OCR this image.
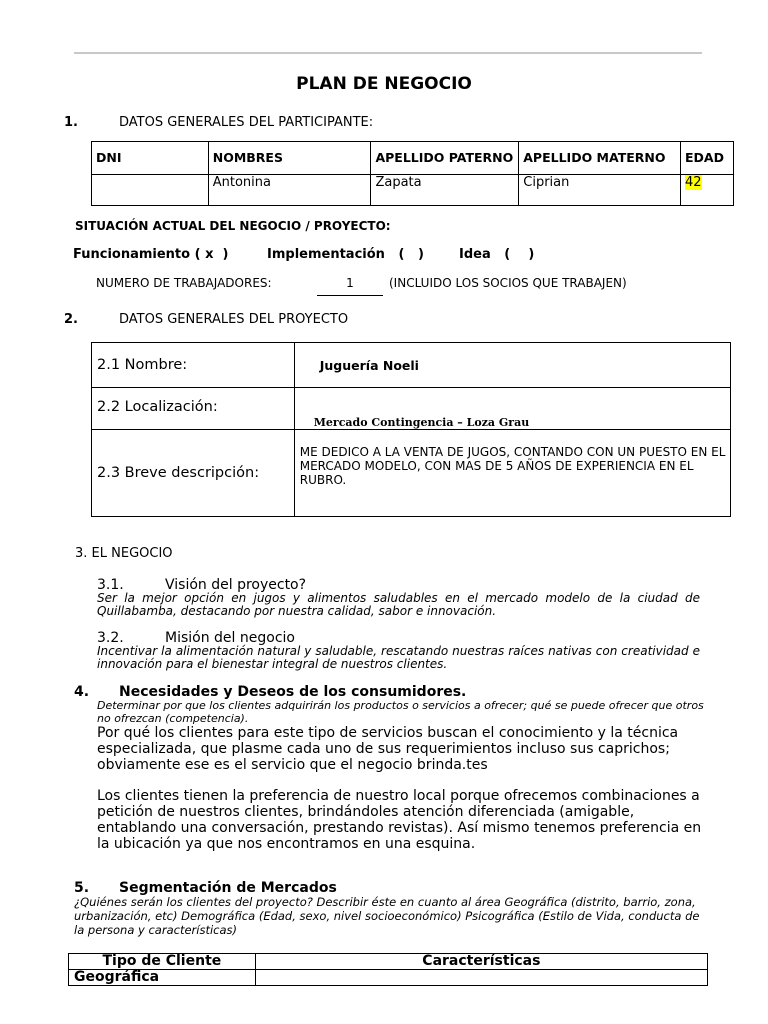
PLAN DE NEGOCIO
1.	DATOS GENERALES DEL PARTICIPANTE:
DNI	NOMBRES	APELLIDO PATERNO	APELLIDO MATERNO	EDAD
	Antonina	Zapata	Ciprian	42
SITUACIÓN ACTUAL DEL NEGOCIO / PROYECTO:
Funcionamiento ( x  )	Implementación   (   )	Idea   (    )
NUMERO DE TRABAJADORES:	1	(INCLUIDO LOS SOCIOS QUE TRABAJEN)
2.	DATOS GENERALES DEL PROYECTO
2.1 Nombre:	Juguería Noeli
2.2 Localización:	Mercado Contingencia – Loza Grau
2.3 Breve descripción:	ME DEDICO A LA VENTA DE JUGOS, CONTANDO CON UN PUESTO EN EL MERCADO MODELO, CON MAS DE 5 AÑOS DE EXPERIENCIA EN EL RUBRO.
3. EL NEGOCIO
3.1.	Visión del proyecto?
Ser la mejor opción en jugos y alimentos saludables en el mercado modelo de la ciudad de Quillabamba, destacando por nuestra calidad, sabor e innovación.
3.2.	Misión del negocio
Incentivar la alimentación natural y saludable, rescatando nuestras raíces nativas con creatividad e innovación para el bienestar integral de nuestros clientes.
4. Necesidades y Deseos de los consumidores.
Determinar por que los clientes adquirirán los productos o servicios a ofrecer; qué se puede ofrecer que otros no ofrezcan (competencia).
Por qué los clientes para este tipo de servicios buscan el conocimiento y la técnica especializada, que plasme cada uno de sus requerimientos incluso sus caprichos; obviamente ese es el servicio que el negocio brinda.tes
Los clientes tienen la preferencia de nuestro local porque ofrecemos combinaciones a petición de nuestros clientes, brindándoles atención diferenciada (amigable, entablando una conversación, prestando revistas). Así mismo tenemos preferencia en la ubicación ya que nos encontramos en una esquina.
5. Segmentación de Mercados
¿Quiénes serán los clientes del proyecto? Describir éste en cuanto al área Geográfica (distrito, barrio, zona, urbanización, etc) Demográfica (Edad, sexo, nivel socioeconómico) Psicográfica (Estilo de Vida, conducta de la persona y características)
Tipo de Cliente	Características
Geográfica	
